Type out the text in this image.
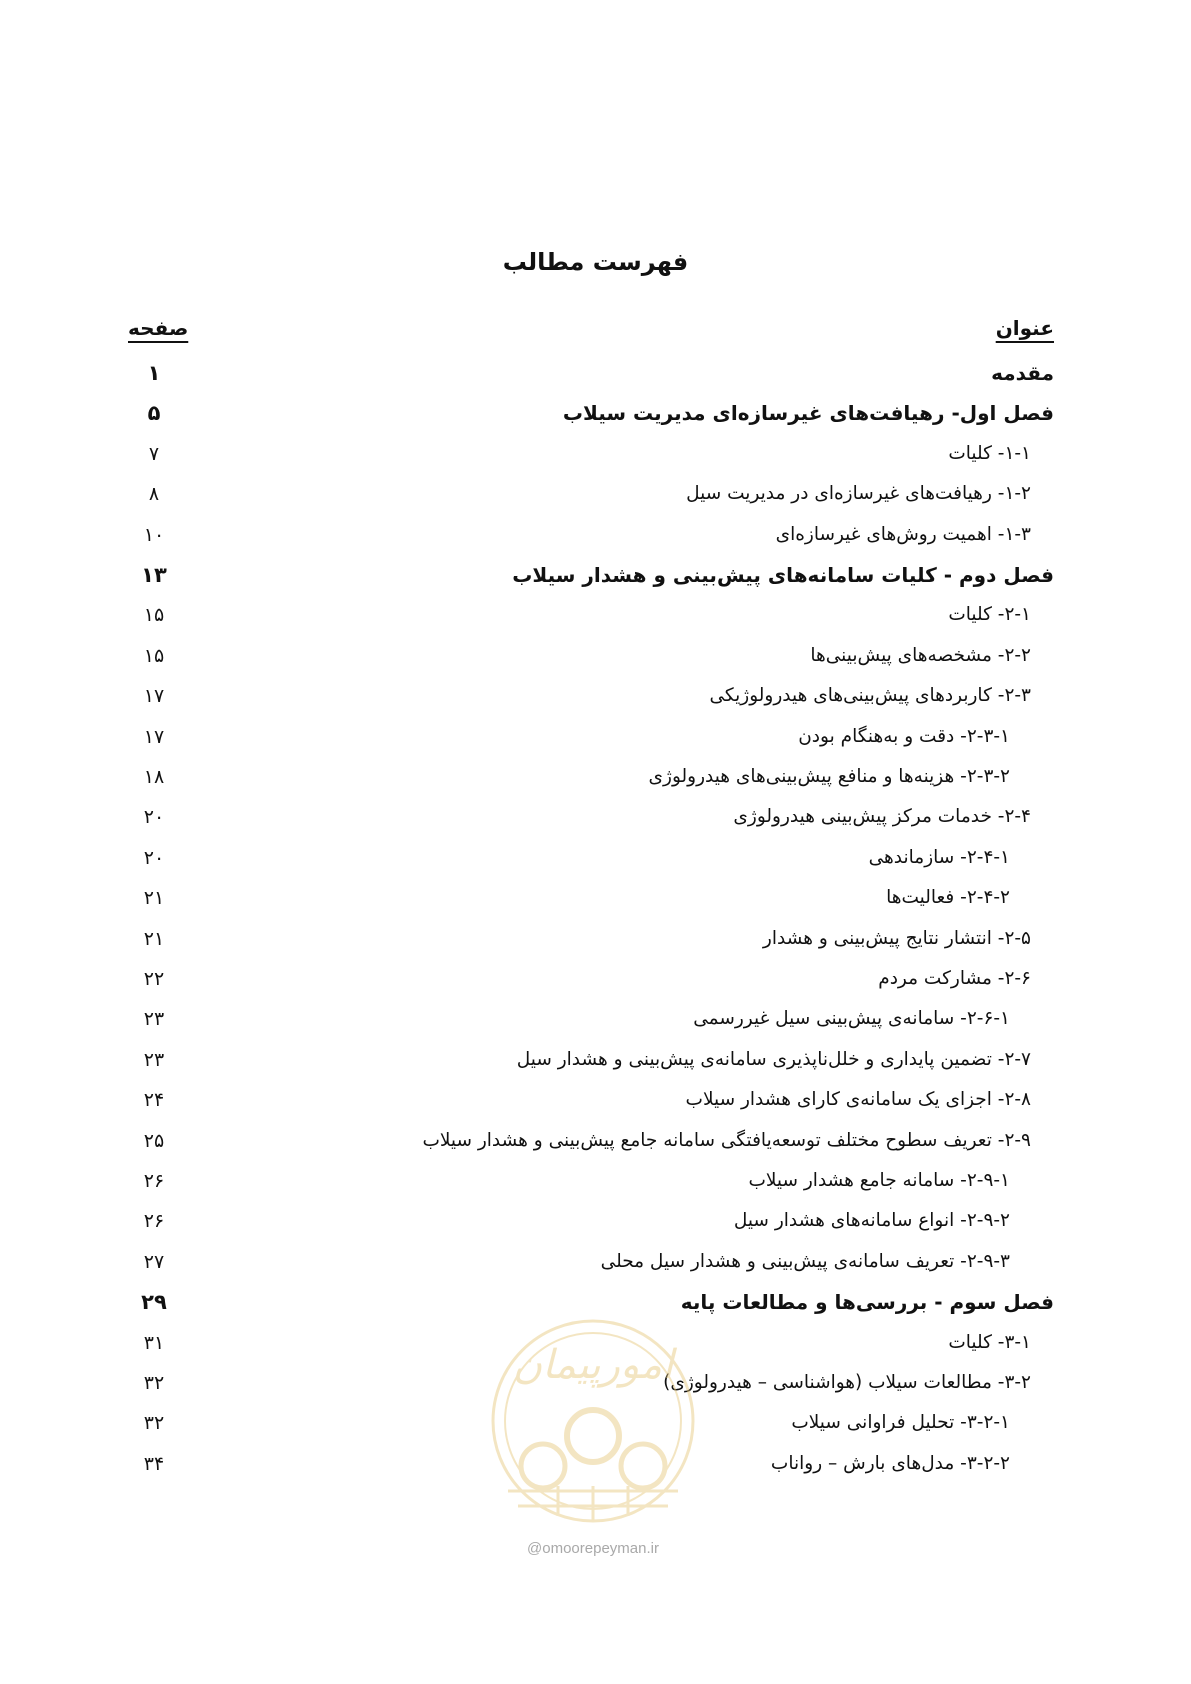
فهرست مطالب
عنوان
صفحه
مقدمه
۱
فصل اول- رهیافت‌های غیرسازه‌ای مدیریت سیلاب
۵
۱-۱- کلیات
۷
۱-۲- رهیافت‌های غیرسازه‌ای در مدیریت سیل
۸
۱-۳- اهمیت روش‌های غیرسازه‌ای
۱۰
فصل دوم - کلیات سامانه‌های پیش‌بینی و هشدار سیلاب
۱۳
۲-۱- کلیات
۱۵
۲-۲- مشخصه‌های پیش‌بینی‌ها
۱۵
۲-۳- کاربردهای پیش‌بینی‌های هیدرولوژیکی
۱۷
۲-۳-۱- دقت و به‌هنگام بودن
۱۷
۲-۳-۲- هزینه‌ها و منافع پیش‌بینی‌های هیدرولوژی
۱۸
۲-۴- خدمات مرکز پیش‌بینی هیدرولوژی
۲۰
۲-۴-۱- سازماندهی
۲۰
۲-۴-۲- فعالیت‌ها
۲۱
۲-۵- انتشار نتایج پیش‌بینی و هشدار
۲۱
۲-۶- مشارکت مردم
۲۲
۲-۶-۱- سامانه‌ی پیش‌بینی سیل غیررسمی
۲۳
۲-۷- تضمین پایداری و خلل‌ناپذیری سامانه‌ی پیش‌بینی و هشدار سیل
۲۳
۲-۸- اجزای یک سامانه‌ی کارای هشدار سیلاب
۲۴
۲-۹- تعریف سطوح مختلف توسعه‌یافتگی سامانه جامع پیش‌بینی و هشدار سیلاب
۲۵
۲-۹-۱- سامانه جامع هشدار سیلاب
۲۶
۲-۹-۲- انواع سامانه‌های هشدار سیل
۲۶
۲-۹-۳- تعریف سامانه‌ی پیش‌بینی و هشدار سیل محلی
۲۷
فصل سوم - بررسی‌ها و مطالعات پایه
۲۹
۳-۱- کلیات
۳۱
۳-۲- مطالعات سیلاب (هواشناسی – هیدرولوژی)
۳۲
۳-۲-۱- تحلیل فراوانی سیلاب
۳۲
۳-۲-۲- مدل‌های بارش – رواناب
۳۴
امورپیمان
@omoorepeyman.ir
